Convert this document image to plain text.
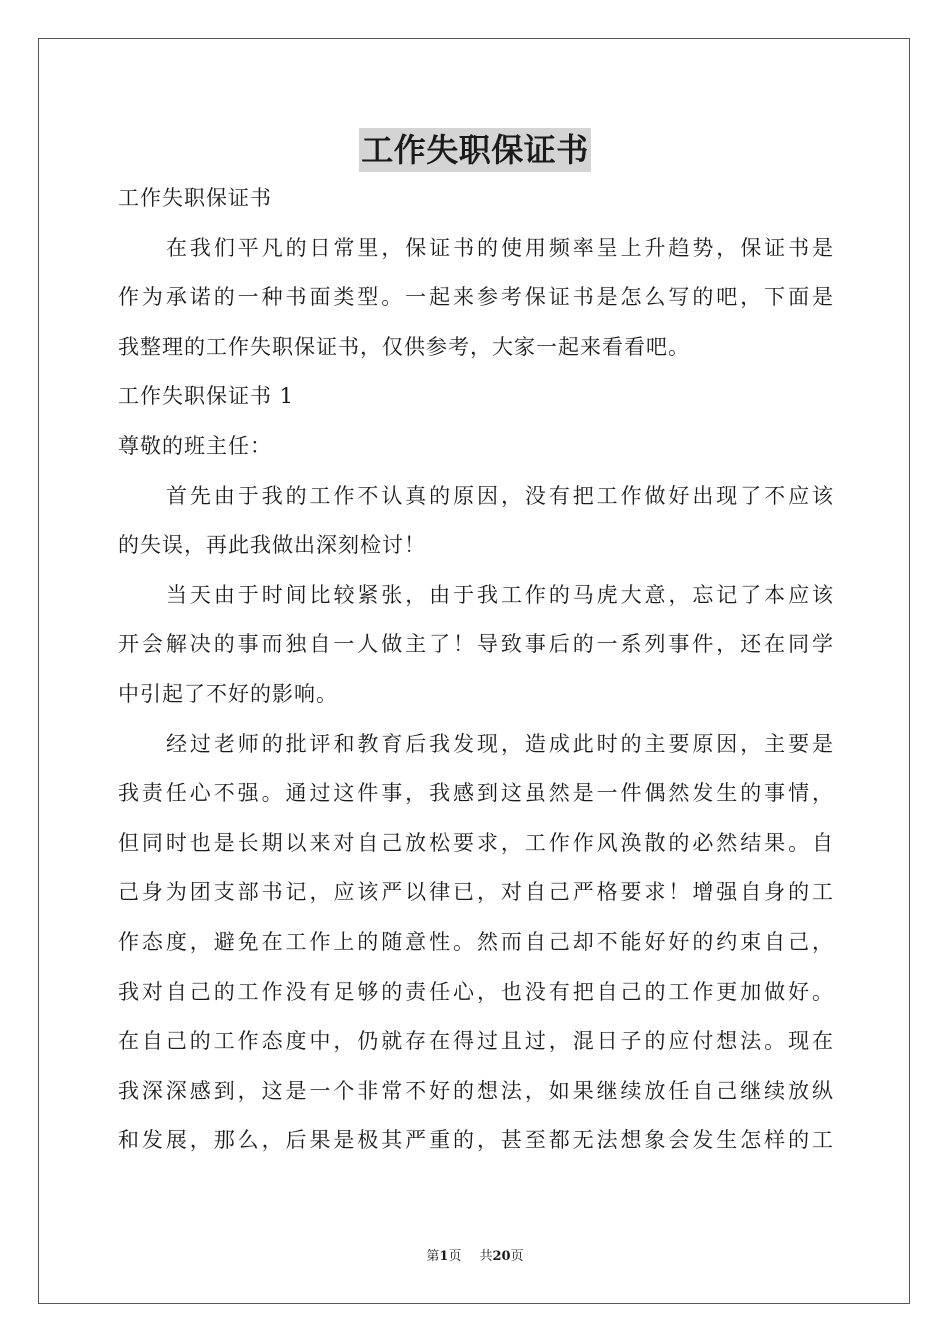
工作失职保证书
工作失职保证书
在我们平凡的日常里，保证书的使用频率呈上升趋势，保证书是
作为承诺的一种书面类型。一起来参考保证书是怎么写的吧，下面是
我整理的工作失职保证书，仅供参考，大家一起来看看吧。
工作失职保证书 1
尊敬的班主任：
首先由于我的工作不认真的原因，没有把工作做好出现了不应该
的失误，再此我做出深刻检讨！
当天由于时间比较紧张，由于我工作的马虎大意，忘记了本应该
开会解决的事而独自一人做主了！导致事后的一系列事件，还在同学
中引起了不好的影响。
经过老师的批评和教育后我发现，造成此时的主要原因，主要是
我责任心不强。通过这件事，我感到这虽然是一件偶然发生的事情，
但同时也是长期以来对自己放松要求，工作作风涣散的必然结果。自
己身为团支部书记，应该严以律已，对自己严格要求！增强自身的工
作态度，避免在工作上的随意性。然而自己却不能好好的约束自己，
我对自己的工作没有足够的责任心，也没有把自己的工作更加做好。
在自己的工作态度中，仍就存在得过且过，混日子的应付想法。现在
我深深感到，这是一个非常不好的想法，如果继续放任自己继续放纵
和发展，那么，后果是极其严重的，甚至都无法想象会发生怎样的工
第1页 共20页
